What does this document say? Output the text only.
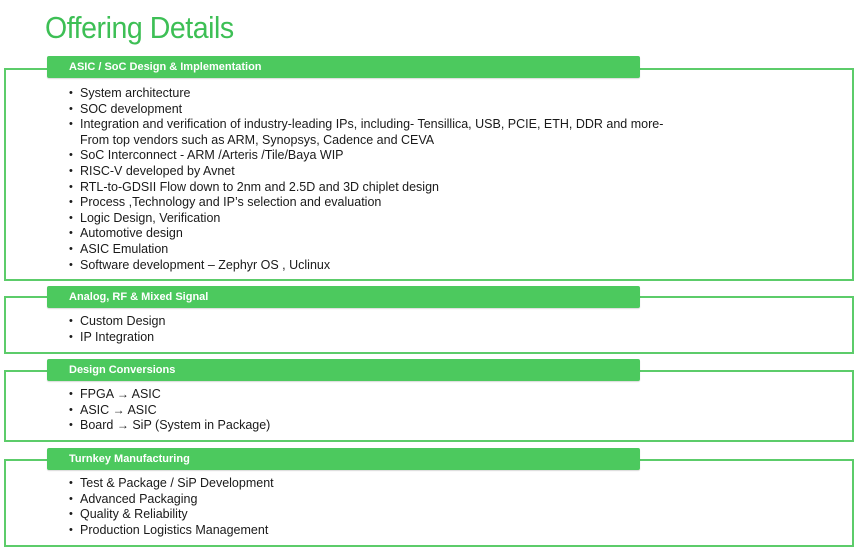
Offering Details
ASIC / SoC Design & Implementation
• System architecture
• SOC development
• Integration and verification of industry-leading IPs, including- Tensillica, USB, PCIE, ETH, DDR and more-
From top vendors such as ARM, Synopsys, Cadence and CEVA
• SoC Interconnect - ARM /Arteris /Tile/Baya WIP
• RISC-V developed by Avnet
• RTL-to-GDSII Flow down to 2nm and 2.5D and 3D chiplet design
• Process ,Technology and IP’s selection and evaluation
• Logic Design, Verification
• Automotive design
• ASIC Emulation
• Software development – Zephyr OS , Uclinux
Analog, RF & Mixed Signal
• Custom Design
• IP Integration
Design Conversions
• FPGA → ASIC
• ASIC → ASIC
• Board → SiP (System in Package)
Turnkey Manufacturing
• Test & Package / SiP Development
• Advanced Packaging
• Quality & Reliability
• Production Logistics Management
